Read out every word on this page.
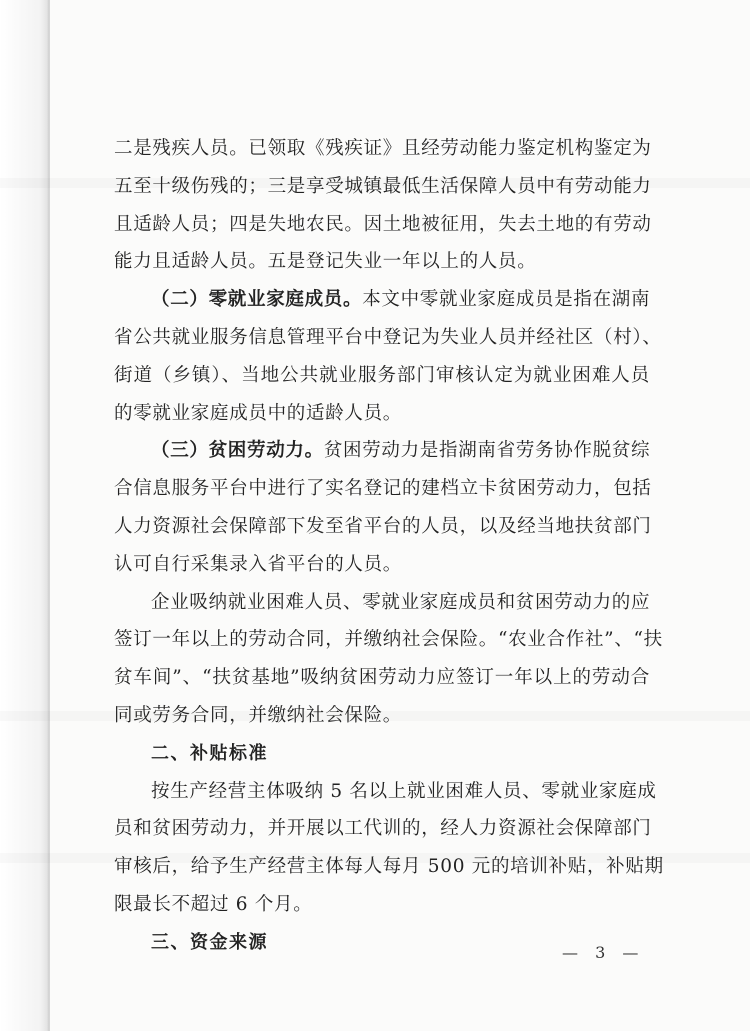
二是残疾人员。已领取《残疾证》且经劳动能力鉴定机构鉴定为
五至十级伤残的；三是享受城镇最低生活保障人员中有劳动能力
且适龄人员；四是失地农民。因土地被征用，失去土地的有劳动
能力且适龄人员。五是登记失业一年以上的人员。
（二）零就业家庭成员。本文中零就业家庭成员是指在湖南
省公共就业服务信息管理平台中登记为失业人员并经社区（村）、
街道（乡镇）、当地公共就业服务部门审核认定为就业困难人员
的零就业家庭成员中的适龄人员。
（三）贫困劳动力。贫困劳动力是指湖南省劳务协作脱贫综
合信息服务平台中进行了实名登记的建档立卡贫困劳动力，包括
人力资源社会保障部下发至省平台的人员，以及经当地扶贫部门
认可自行采集录入省平台的人员。
企业吸纳就业困难人员、零就业家庭成员和贫困劳动力的应
签订一年以上的劳动合同，并缴纳社会保险。“农业合作社”、“扶
贫车间”、“扶贫基地”吸纳贫困劳动力应签订一年以上的劳动合
同或劳务合同，并缴纳社会保险。
二、补贴标准
按生产经营主体吸纳 5 名以上就业困难人员、零就业家庭成
员和贫困劳动力，并开展以工代训的，经人力资源社会保障部门
审核后，给予生产经营主体每人每月 500 元的培训补贴，补贴期
限最长不超过 6 个月。
三、资金来源	— 3 —
